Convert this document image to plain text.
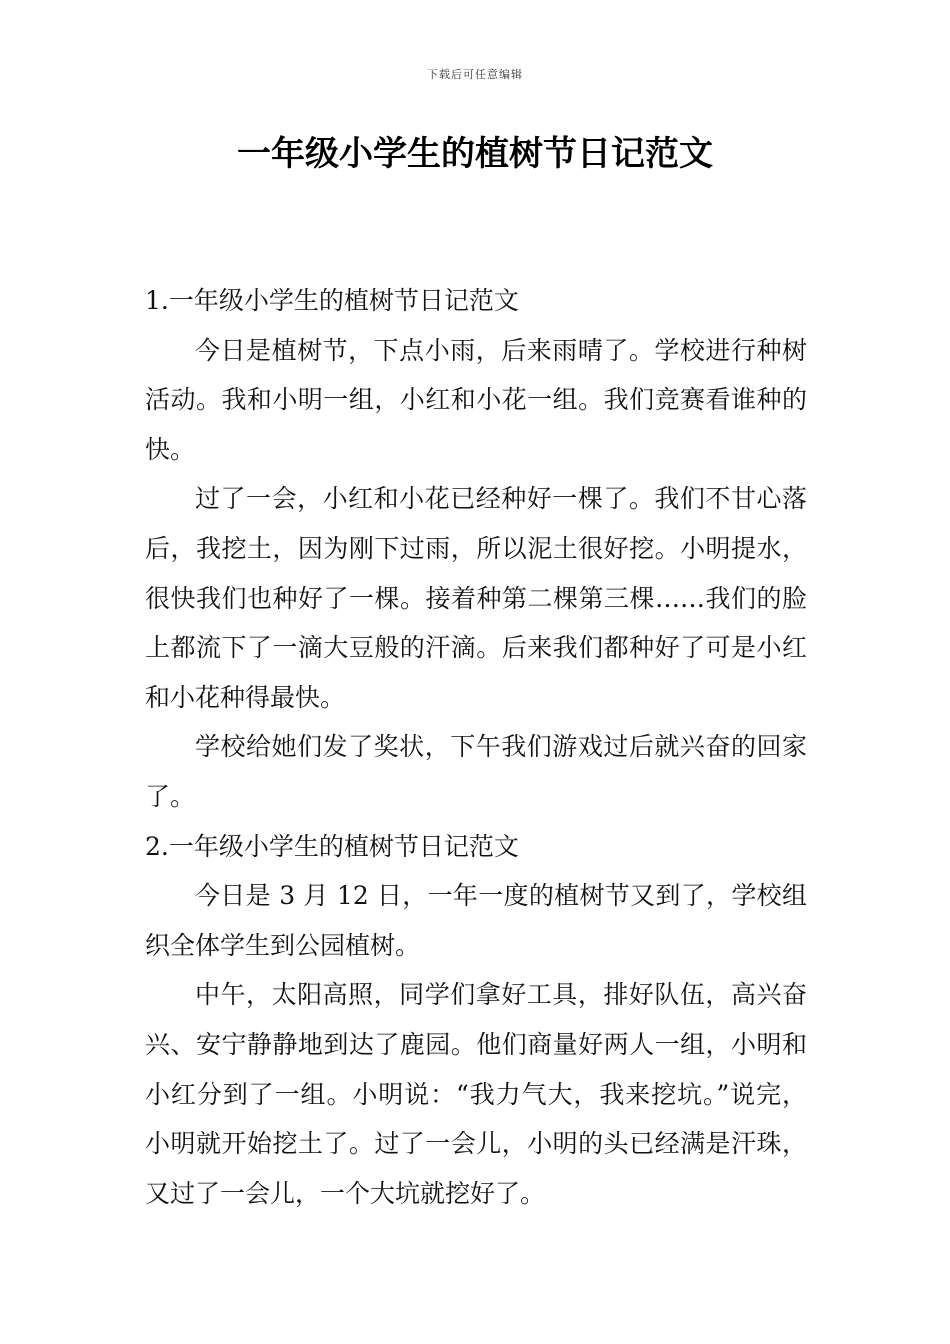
下载后可任意编辑
一年级小学生的植树节日记范文

1.一年级小学生的植树节日记范文

今日是植树节，下点小雨，后来雨晴了。学校进行种树活动。我和小明一组，小红和小花一组。我们竞赛看谁种的快。

过了一会，小红和小花已经种好一棵了。我们不甘心落后，我挖土，因为刚下过雨，所以泥土很好挖。小明提水，很快我们也种好了一棵。接着种第二棵第三棵……我们的脸上都流下了一滴大豆般的汗滴。后来我们都种好了可是小红和小花种得最快。

学校给她们发了奖状，下午我们游戏过后就兴奋的回家了。

2.一年级小学生的植树节日记范文

今日是 3 月 12 日，一年一度的植树节又到了，学校组织全体学生到公园植树。

中午，太阳高照，同学们拿好工具，排好队伍，高兴奋兴、安宁静静地到达了鹿园。他们商量好两人一组，小明和小红分到了一组。小明说：“我力气大，我来挖坑。”说完，小明就开始挖土了。过了一会儿，小明的头已经满是汗珠，又过了一会儿，一个大坑就挖好了。
